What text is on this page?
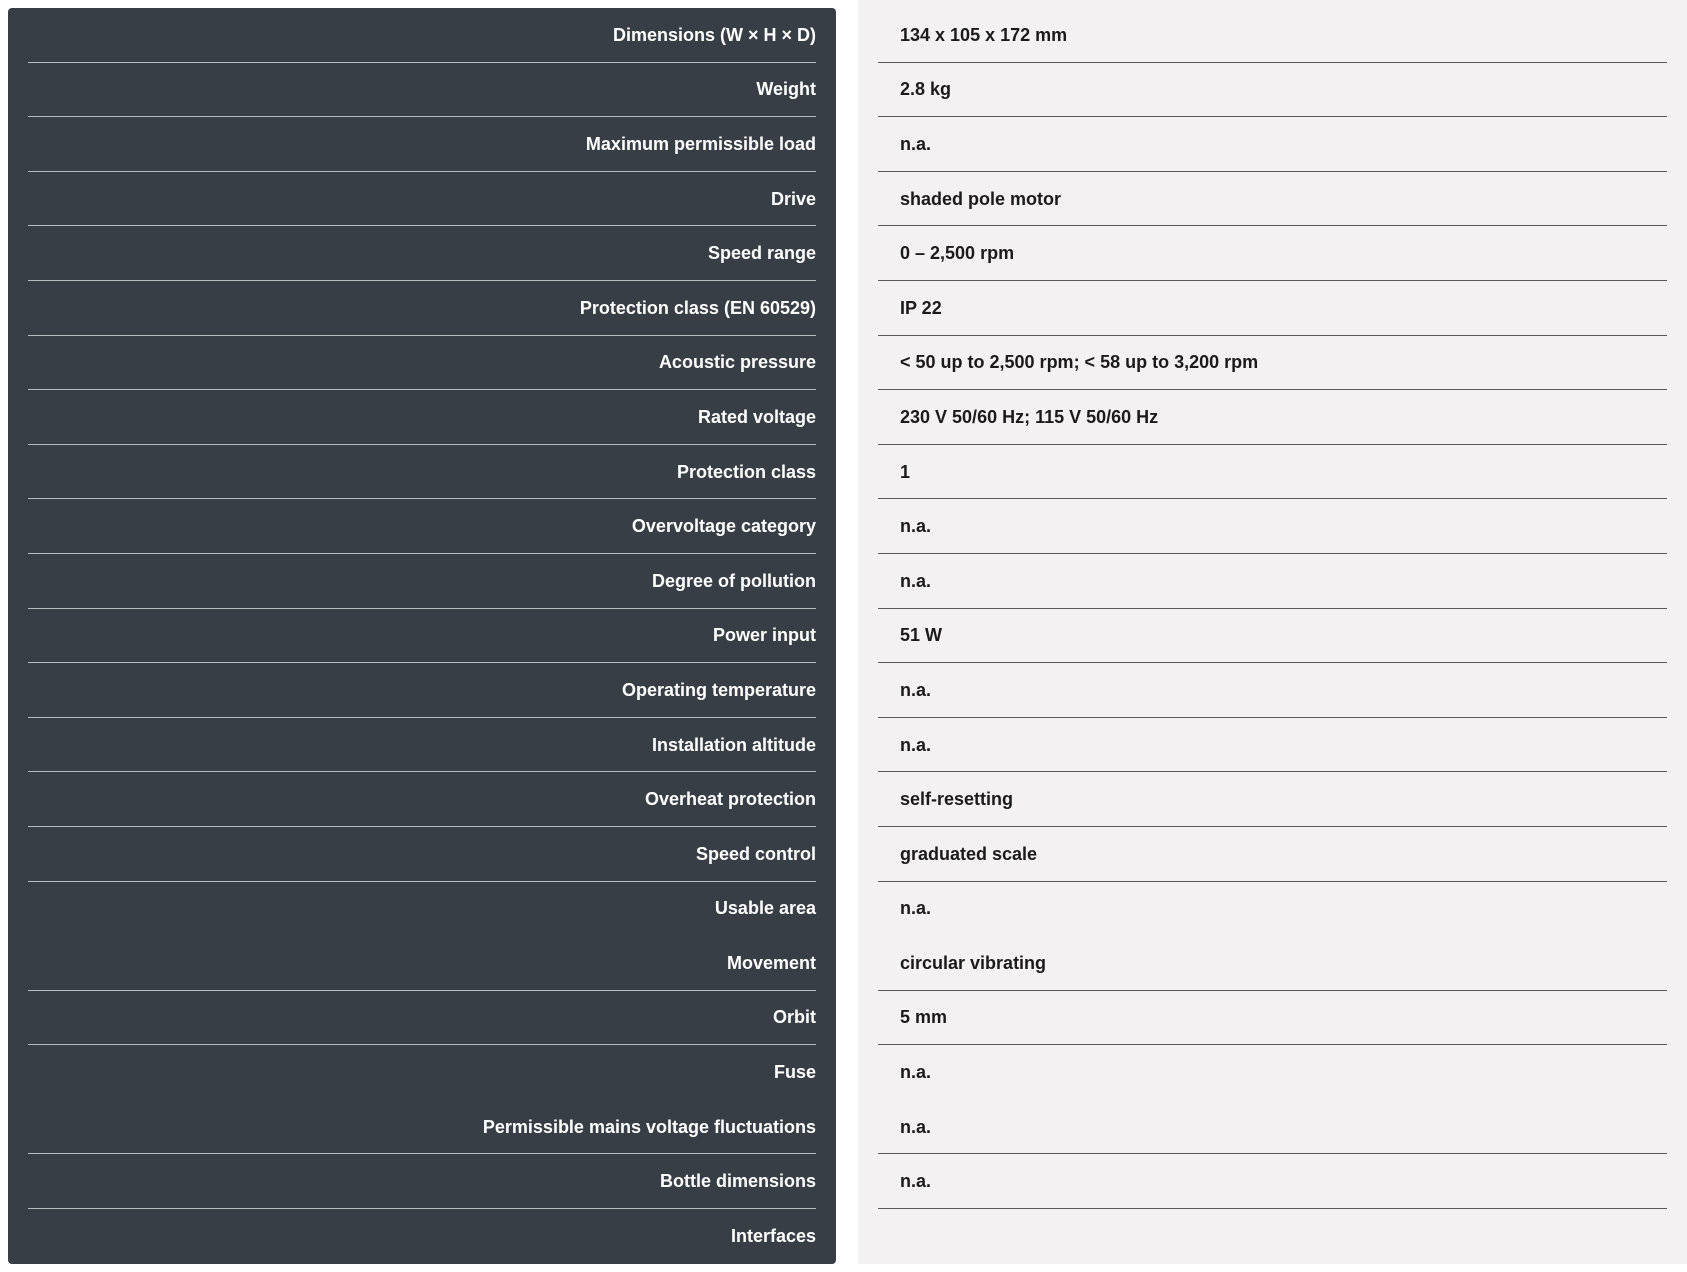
Dimensions (W × H × D)
Weight
Maximum permissible load
Drive
Speed range
Protection class (EN 60529)
Acoustic pressure
Rated voltage
Protection class
Overvoltage category
Degree of pollution
Power input
Operating temperature
Installation altitude
Overheat protection
Speed control
Usable area
Movement
Orbit
Fuse
Permissible mains voltage fluctuations
Bottle dimensions
Interfaces
134 x 105 x 172 mm
2.8 kg
n.a.
shaded pole motor
0 – 2,500 rpm
IP 22
< 50 up to 2,500 rpm; < 58 up to 3,200 rpm
230 V 50/60 Hz; 115 V 50/60 Hz
1
n.a.
n.a.
51 W
n.a.
n.a.
self-resetting
graduated scale
n.a.
circular vibrating
5 mm
n.a.
n.a.
n.a.
